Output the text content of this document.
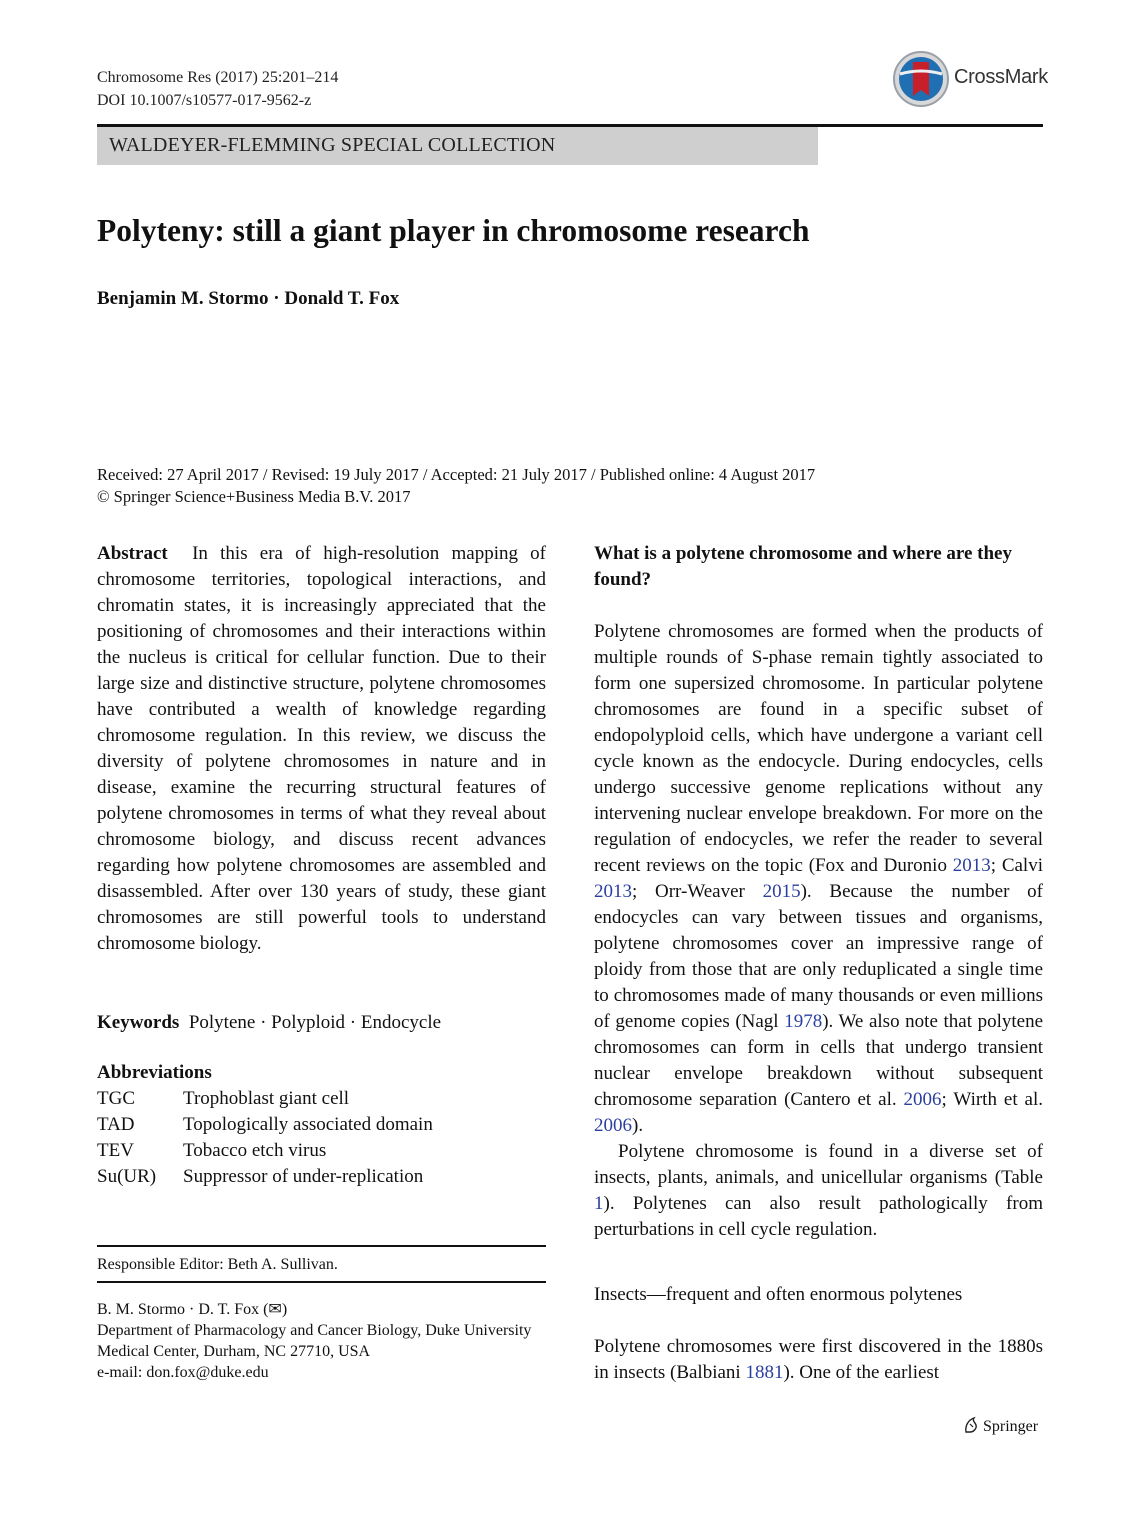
Chromosome Res (2017) 25:201–214
DOI 10.1007/s10577-017-9562-z
CrossMark
WALDEYER-FLEMMING SPECIAL COLLECTION
Polyteny: still a giant player in chromosome research
Benjamin M. Stormo · Donald T. Fox
Received: 27 April 2017 / Revised: 19 July 2017 / Accepted: 21 July 2017 / Published online: 4 August 2017
© Springer Science+Business Media B.V. 2017

Abstract In this era of high-resolution mapping of chromosome territories, topological interactions, and chromatin states, it is increasingly appreciated that the positioning of chromosomes and their interactions within the nucleus is critical for cellular function. Due to their large size and distinctive structure, polytene chromosomes have contributed a wealth of knowledge regarding chromosome regulation. In this review, we discuss the diversity of polytene chromosomes in nature and in disease, examine the recurring structural features of polytene chromosomes in terms of what they reveal about chromosome biology, and discuss recent advances regarding how polytene chromosomes are assembled and disassembled. After over 130 years of study, these giant chromosomes are still powerful tools to understand chromosome biology.

Keywords Polytene · Polyploid · Endocycle

Abbreviations
TGC	Trophoblast giant cell
TAD	Topologically associated domain
TEV	Tobacco etch virus
Su(UR)	Suppressor of under-replication
Responsible Editor: Beth A. Sullivan.
B. M. Stormo · D. T. Fox (✉)
Department of Pharmacology and Cancer Biology, Duke University Medical Center, Durham, NC 27710, USA
e-mail: don.fox@duke.edu

What is a polytene chromosome and where are they found?

Polytene chromosomes are formed when the products of multiple rounds of S-phase remain tightly associated to form one supersized chromosome. In particular polytene chromosomes are found in a specific subset of endopolyploid cells, which have undergone a variant cell cycle known as the endocycle. During endocycles, cells undergo successive genome replications without any intervening nuclear envelope breakdown. For more on the regulation of endocycles, we refer the reader to several recent reviews on the topic (Fox and Duronio 2013; Calvi 2013; Orr-Weaver 2015). Because the number of endocycles can vary between tissues and organisms, polytene chromosomes cover an impressive range of ploidy from those that are only reduplicated a single time to chromosomes made of many thousands or even millions of genome copies (Nagl 1978). We also note that polytene chromosomes can form in cells that undergo transient nuclear envelope breakdown without subsequent chromosome separation (Cantero et al. 2006; Wirth et al. 2006).

Polytene chromosome is found in a diverse set of insects, plants, animals, and unicellular organisms (Table 1). Polytenes can also result pathologically from perturbations in cell cycle regulation.

Insects—frequent and often enormous polytenes

Polytene chromosomes were first discovered in the 1880s in insects (Balbiani 1881). One of the earliest

Springer
